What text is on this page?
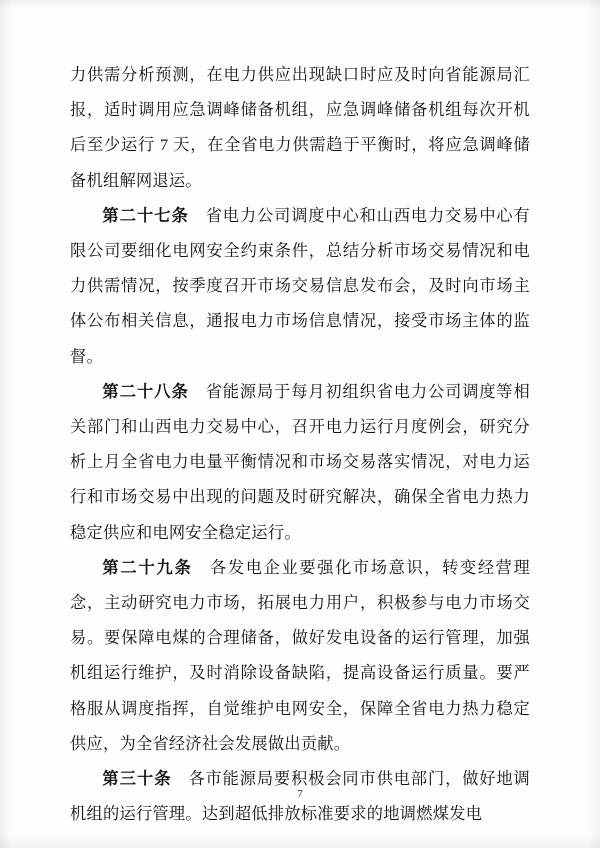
力供需分析预测，在电力供应出现缺口时应及时向省能源局汇报，适时调用应急调峰储备机组，应急调峰储备机组每次开机后至少运行 7 天，在全省电力供需趋于平衡时，将应急调峰储备机组解网退运。

第二十七条 省电力公司调度中心和山西电力交易中心有限公司要细化电网安全约束条件，总结分析市场交易情况和电力供需情况，按季度召开市场交易信息发布会，及时向市场主体公布相关信息，通报电力市场信息情况，接受市场主体的监督。

第二十八条 省能源局于每月初组织省电力公司调度等相关部门和山西电力交易中心，召开电力运行月度例会，研究分析上月全省电力电量平衡情况和市场交易落实情况，对电力运行和市场交易中出现的问题及时研究解决，确保全省电力热力稳定供应和电网安全稳定运行。

第二十九条 各发电企业要强化市场意识，转变经营理念，主动研究电力市场，拓展电力用户，积极参与电力市场交易。要保障电煤的合理储备，做好发电设备的运行管理，加强机组运行维护，及时消除设备缺陷，提高设备运行质量。要严格服从调度指挥，自觉维护电网安全，保障全省电力热力稳定供应，为全省经济社会发展做出贡献。

第三十条 各市能源局要积极会同市供电部门，做好地调机组的运行管理。达到超低排放标准要求的地调燃煤发电

7
